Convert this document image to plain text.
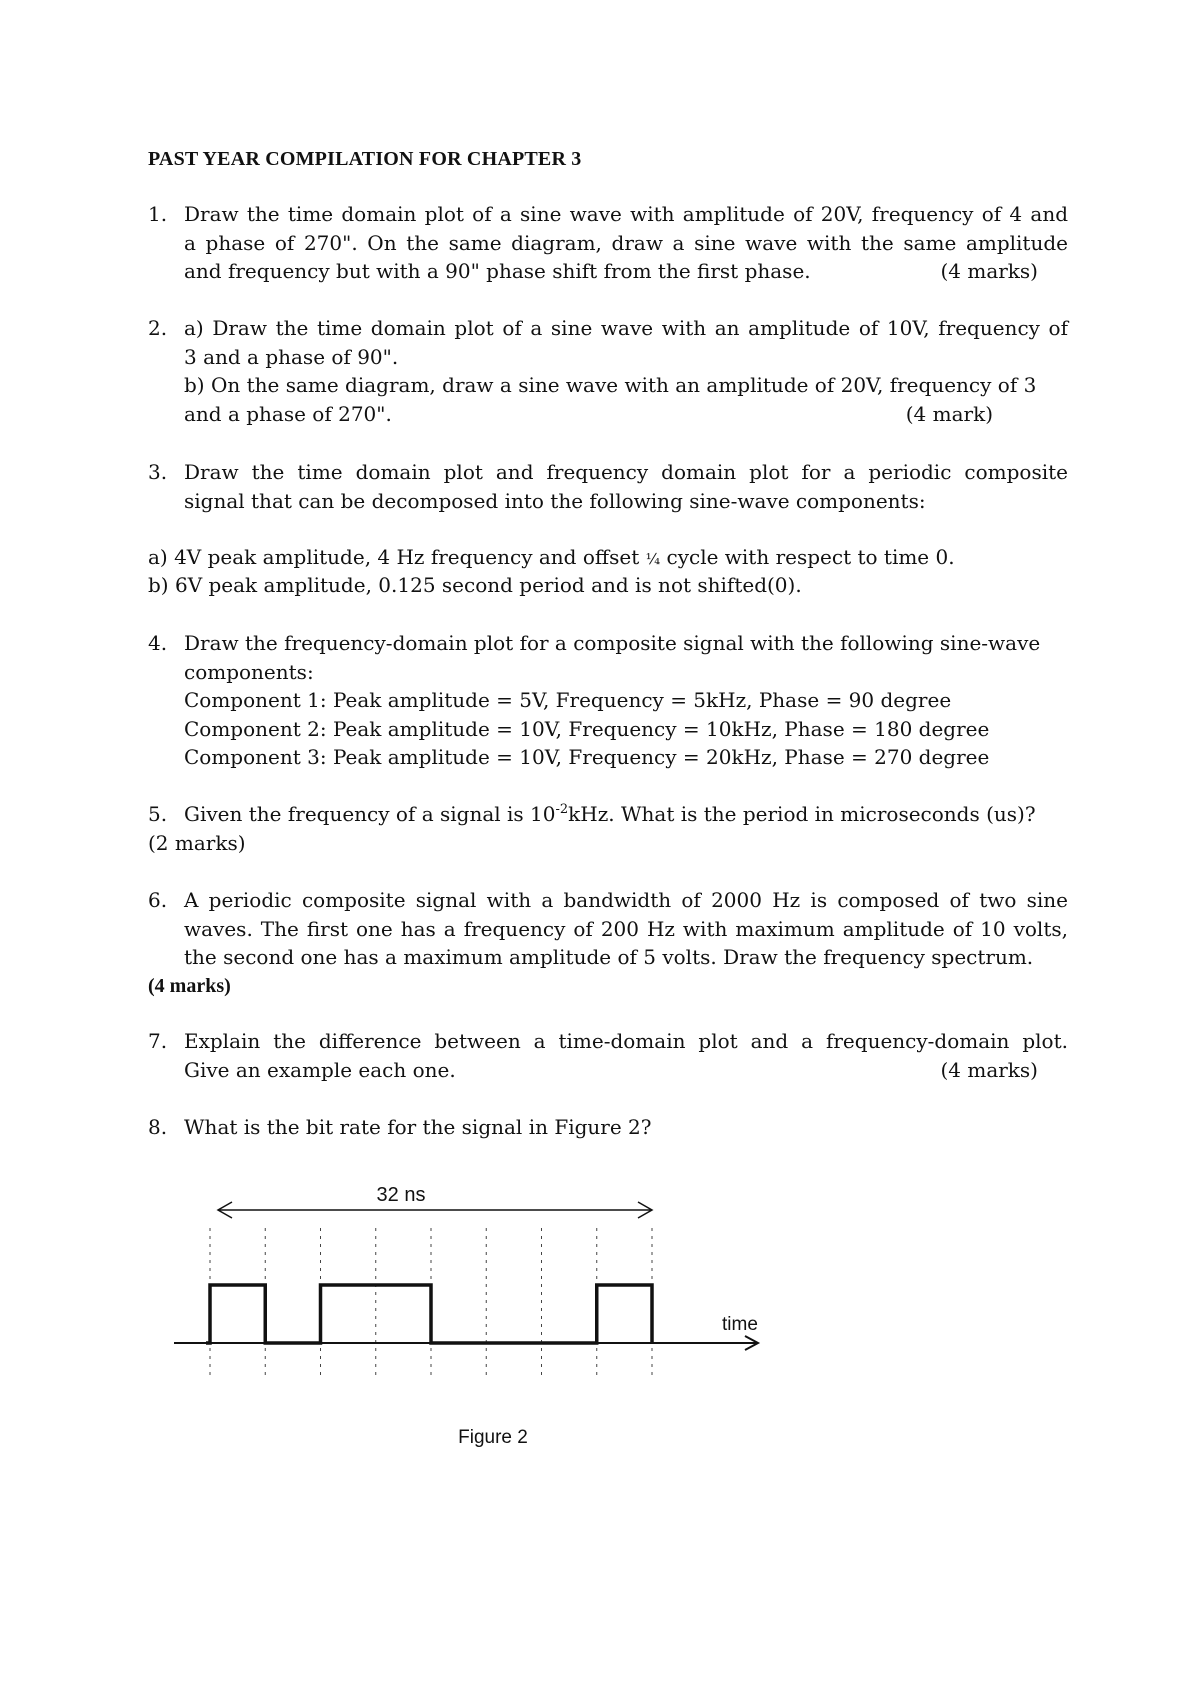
PAST YEAR COMPILATION FOR CHAPTER 3
1. Draw the time domain plot of a sine wave with amplitude of 20V, frequency of 4 and
a phase of 270". On the same diagram, draw a sine wave with the same amplitude
and frequency but with a 90" phase shift from the first phase.	(4 marks)
2. a) Draw the time domain plot of a sine wave with an amplitude of 10V, frequency of
3 and a phase of 90".
b) On the same diagram, draw a sine wave with an amplitude of 20V, frequency of 3
and a phase of 270".	(4 mark)
3. Draw the time domain plot and frequency domain plot for a periodic composite
signal that can be decomposed into the following sine-wave components:
a) 4V peak amplitude, 4 Hz frequency and offset ¼ cycle with respect to time 0.
b) 6V peak amplitude, 0.125 second period and is not shifted(0).
4. Draw the frequency-domain plot for a composite signal with the following sine-wave
components:
Component 1: Peak amplitude = 5V, Frequency = 5kHz, Phase = 90 degree
Component 2: Peak amplitude = 10V, Frequency = 10kHz, Phase = 180 degree
Component 3: Peak amplitude = 10V, Frequency = 20kHz, Phase = 270 degree
5. Given the frequency of a signal is $10^{-2}kHz$. What is the period in microseconds (us)?
(2 marks)
6. A periodic composite signal with a bandwidth of 2000 Hz is composed of two sine
waves. The first one has a frequency of 200 Hz with maximum amplitude of 10 volts,
the second one has a maximum amplitude of 5 volts. Draw the frequency spectrum.
(4 marks)
7. Explain the difference between a time-domain plot and a frequency-domain plot.
Give an example each one.	(4 marks)
8. What is the bit rate for the signal in Figure 2?
32 ns
time
Figure 2
